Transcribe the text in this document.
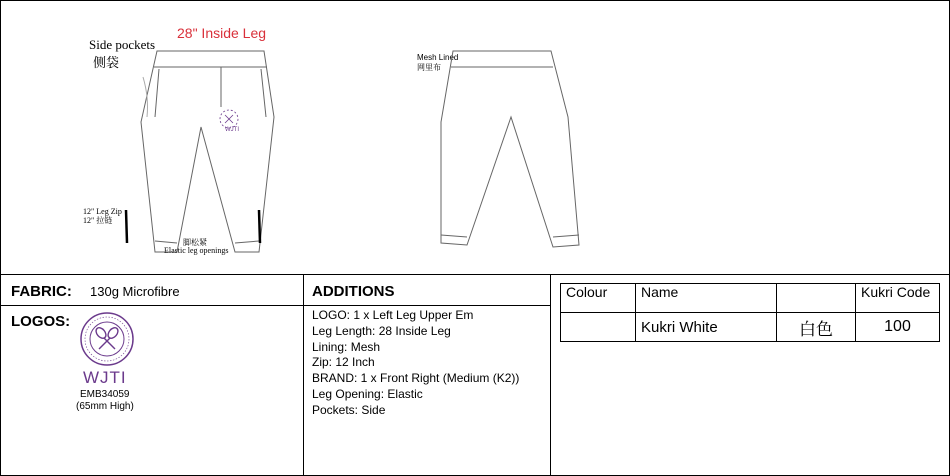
28" Inside Leg
Side pockets
侧袋
12" Leg Zip
12" 拉链
脚松紧
Elastic leg openings
Mesh Lined
网里布
WJTI
FABRIC: 130g Microfibre
LOGOS:
WJTI
EMB34059
(65mm High)
ADDITIONS
LOGO: 1 x Left Leg Upper Em
Leg Length: 28 Inside Leg
Lining: Mesh
Zip: 12 Inch
BRAND: 1 x Front Right (Medium (K2))
Leg Opening: Elastic
Pockets: Side
Colour	Name		Kukri Code
	Kukri White	白色	100
